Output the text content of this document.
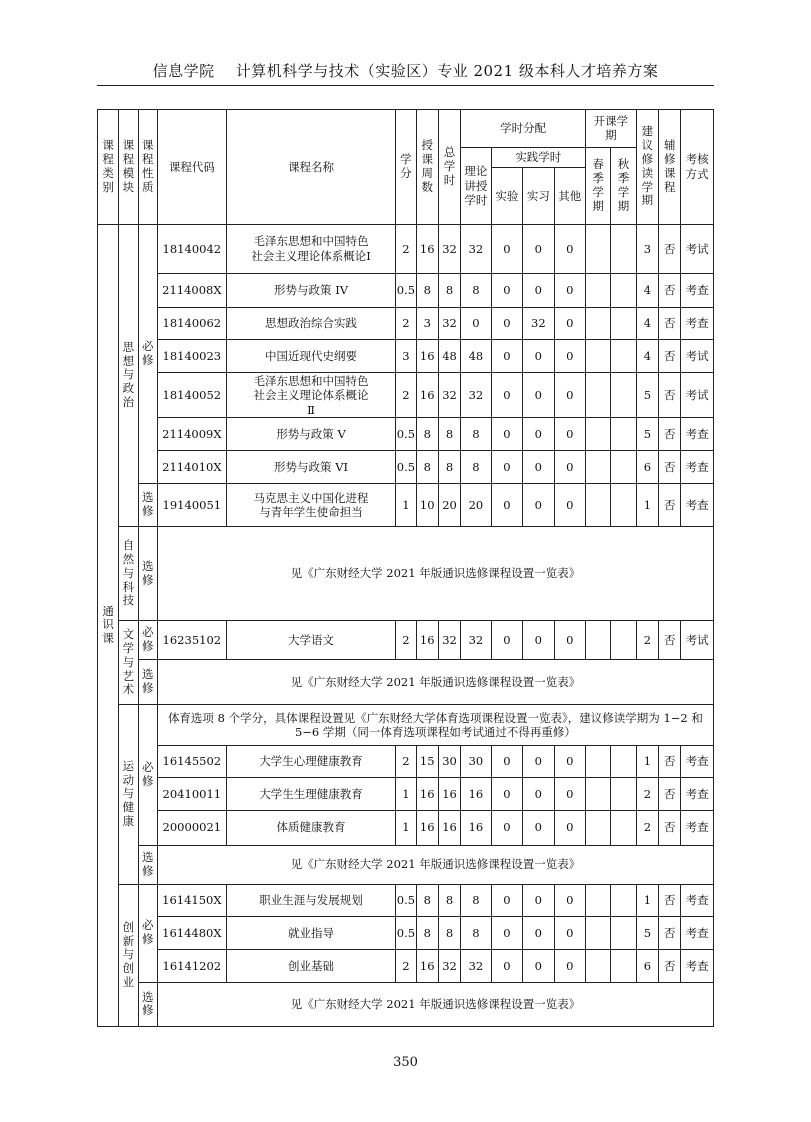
信息学院 计算机科学与技术（实验区）专业 2021 级本科人才培养方案
课程类别	课程模块	课程性质	课程代码	课程名称	学分	授课周数	总学时	学时分配				开课学期		建议修读学期	辅修课程	考核方式
								理论讲授学时	实践学时			春季学期	秋季学期			
									实验	实习	其他					
通识课	思想与政治	必修	18140042	毛泽东思想和中国特色社会主义理论体系概论Ⅰ	2	16	32	32	0	0	0			3	否	考试
			2114008X	形势与政策 IV	0.5	8	8	8	0	0	0			4	否	考查
			18140062	思想政治综合实践	2	3	32	0	0	32	0			4	否	考查
			18140023	中国近现代史纲要	3	16	48	48	0	0	0			4	否	考试
			18140052	毛泽东思想和中国特色社会主义理论体系概论Ⅱ	2	16	32	32	0	0	0			5	否	考试
			2114009X	形势与政策 V	0.5	8	8	8	0	0	0			5	否	考查
			2114010X	形势与政策 VI	0.5	8	8	8	0	0	0			6	否	考查
		选修	19140051	马克思主义中国化进程与青年学生使命担当	1	10	20	20	0	0	0			1	否	考查
	自然与科技	选修	见《广东财经大学 2021 年版通识选修课程设置一览表》													
	文学与艺术	必修	16235102	大学语文	2	16	32	32	0	0	0			2	否	考试
		选修	见《广东财经大学 2021 年版通识选修课程设置一览表》													
	运动与健康	必修	体育选项 8 个学分，具体课程设置见《广东财经大学体育选项课程设置一览表》，建议修读学期为 1−2 和 5−6 学期（同一体育选项课程如考试通过不得再重修）													
			16145502	大学生心理健康教育	2	15	30	30	0	0	0			1	否	考查
			20410011	大学生生理健康教育	1	16	16	16	0	0	0			2	否	考查
			20000021	体质健康教育	1	16	16	16	0	0	0			2	否	考查
		选修	见《广东财经大学 2021 年版通识选修课程设置一览表》													
	创新与创业	必修	1614150X	职业生涯与发展规划	0.5	8	8	8	0	0	0			1	否	考查
			1614480X	就业指导	0.5	8	8	8	0	0	0			5	否	考查
			16141202	创业基础	2	16	32	32	0	0	0			6	否	考查
		选修	见《广东财经大学 2021 年版通识选修课程设置一览表》													
350
